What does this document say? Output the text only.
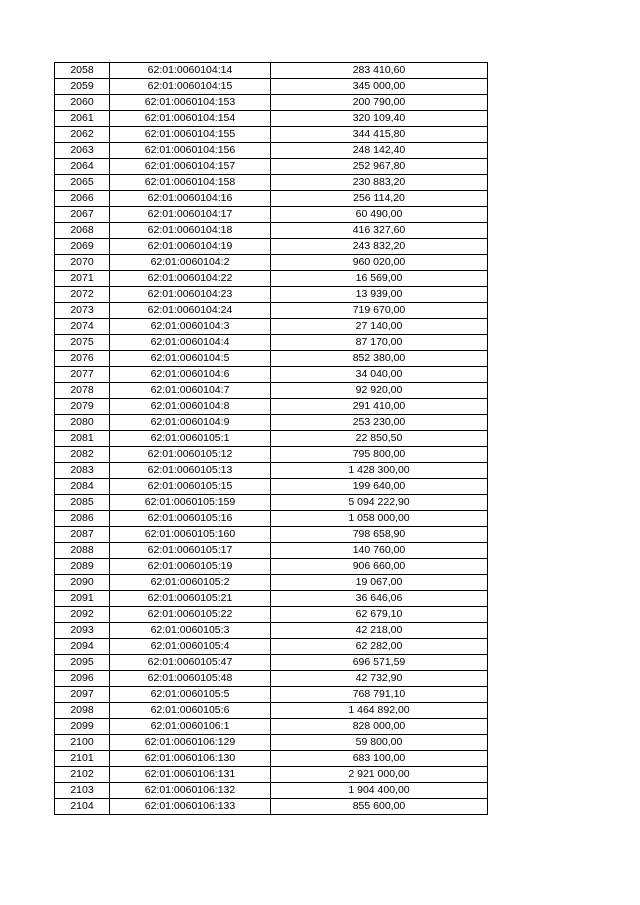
2058	62:01:0060104:14	283 410,60
2059	62:01:0060104:15	345 000,00
2060	62:01:0060104:153	200 790,00
2061	62:01:0060104:154	320 109,40
2062	62:01:0060104:155	344 415,80
2063	62:01:0060104:156	248 142,40
2064	62:01:0060104:157	252 967,80
2065	62:01:0060104:158	230 883,20
2066	62:01:0060104:16	256 114,20
2067	62:01:0060104:17	60 490,00
2068	62:01:0060104:18	416 327,60
2069	62:01:0060104:19	243 832,20
2070	62:01:0060104:2	960 020,00
2071	62:01:0060104:22	16 569,00
2072	62:01:0060104:23	13 939,00
2073	62:01:0060104:24	719 670,00
2074	62:01:0060104:3	27 140,00
2075	62:01:0060104:4	87 170,00
2076	62:01:0060104:5	852 380,00
2077	62:01:0060104:6	34 040,00
2078	62:01:0060104:7	92 920,00
2079	62:01:0060104:8	291 410,00
2080	62:01:0060104:9	253 230,00
2081	62:01:0060105:1	22 850,50
2082	62:01:0060105:12	795 800,00
2083	62:01:0060105:13	1 428 300,00
2084	62:01:0060105:15	199 640,00
2085	62:01:0060105:159	5 094 222,90
2086	62:01:0060105:16	1 058 000,00
2087	62:01:0060105:160	798 658,90
2088	62:01:0060105:17	140 760,00
2089	62:01:0060105:19	906 660,00
2090	62:01:0060105:2	19 067,00
2091	62:01:0060105:21	36 646,06
2092	62:01:0060105:22	62 679,10
2093	62:01:0060105:3	42 218,00
2094	62:01:0060105:4	62 282,00
2095	62:01:0060105:47	696 571,59
2096	62:01:0060105:48	42 732,90
2097	62:01:0060105:5	768 791,10
2098	62:01:0060105:6	1 464 892,00
2099	62:01:0060106:1	828 000,00
2100	62:01:0060106:129	59 800,00
2101	62:01:0060106:130	683 100,00
2102	62:01:0060106:131	2 921 000,00
2103	62:01:0060106:132	1 904 400,00
2104	62:01:0060106:133	855 600,00
